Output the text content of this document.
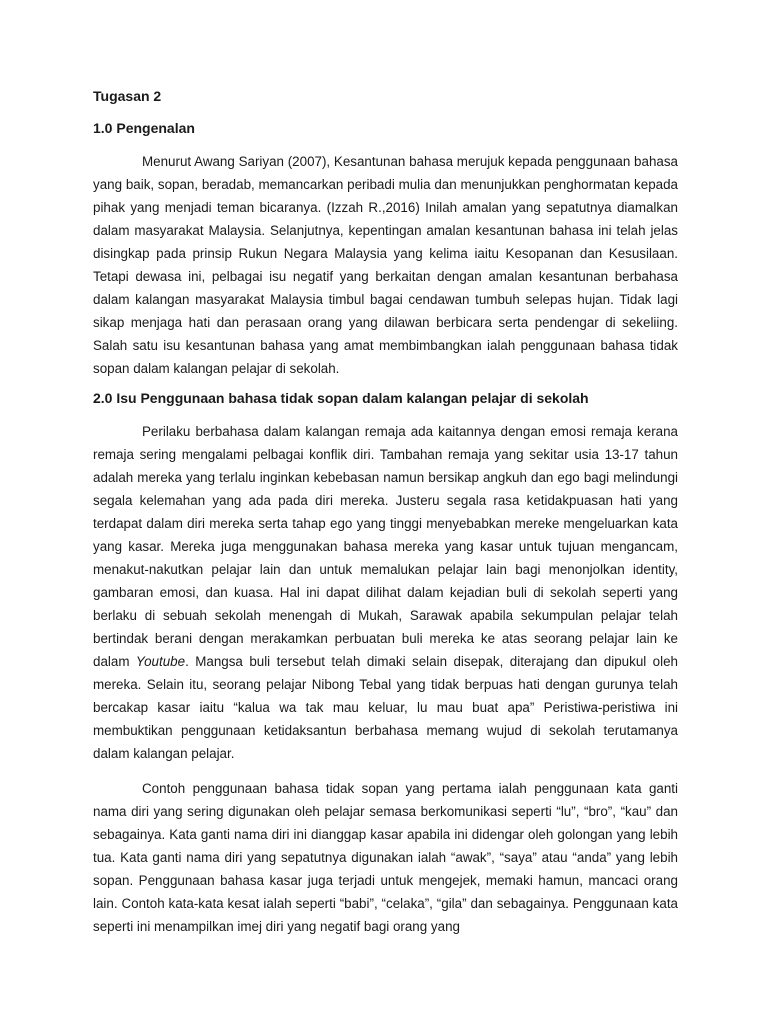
Tugasan 2
1.0 Pengenalan

Menurut Awang Sariyan (2007), Kesantunan bahasa merujuk kepada penggunaan bahasa yang baik, sopan, beradab, memancarkan peribadi mulia dan menunjukkan penghormatan kepada pihak yang menjadi teman bicaranya. (Izzah R.,2016) Inilah amalan yang sepatutnya diamalkan dalam masyarakat Malaysia. Selanjutnya, kepentingan amalan kesantunan bahasa ini telah jelas disingkap pada prinsip Rukun Negara Malaysia yang kelima iaitu Kesopanan dan Kesusilaan. Tetapi dewasa ini, pelbagai isu negatif yang berkaitan dengan amalan kesantunan berbahasa dalam kalangan masyarakat Malaysia timbul bagai cendawan tumbuh selepas hujan. Tidak lagi sikap menjaga hati dan perasaan orang yang dilawan berbicara serta pendengar di sekeliing. Salah satu isu kesantunan bahasa yang amat membimbangkan ialah penggunaan bahasa tidak sopan dalam kalangan pelajar di sekolah.

2.0 Isu Penggunaan bahasa tidak sopan dalam kalangan pelajar di sekolah

Perilaku berbahasa dalam kalangan remaja ada kaitannya dengan emosi remaja kerana remaja sering mengalami pelbagai konflik diri. Tambahan remaja yang sekitar usia 13-17 tahun adalah mereka yang terlalu inginkan kebebasan namun bersikap angkuh dan ego bagi melindungi segala kelemahan yang ada pada diri mereka. Justeru segala rasa ketidakpuasan hati yang terdapat dalam diri mereka serta tahap ego yang tinggi menyebabkan mereke mengeluarkan kata yang kasar. Mereka juga menggunakan bahasa mereka yang kasar untuk tujuan mengancam, menakut-nakutkan pelajar lain dan untuk memalukan pelajar lain bagi menonjolkan identity, gambaran emosi, dan kuasa. Hal ini dapat dilihat dalam kejadian buli di sekolah seperti yang berlaku di sebuah sekolah menengah di Mukah, Sarawak apabila sekumpulan pelajar telah bertindak berani dengan merakamkan perbuatan buli mereka ke atas seorang pelajar lain ke dalam Youtube. Mangsa buli tersebut telah dimaki selain disepak, diterajang dan dipukul oleh mereka. Selain itu, seorang pelajar Nibong Tebal yang tidak berpuas hati dengan gurunya telah bercakap kasar iaitu “kalua wa tak mau keluar, lu mau buat apa” Peristiwa-peristiwa ini membuktikan penggunaan ketidaksantun berbahasa memang wujud di sekolah terutamanya dalam kalangan pelajar.

Contoh penggunaan bahasa tidak sopan yang pertama ialah penggunaan kata ganti nama diri yang sering digunakan oleh pelajar semasa berkomunikasi seperti “lu”, “bro”, “kau” dan sebagainya. Kata ganti nama diri ini dianggap kasar apabila ini didengar oleh golongan yang lebih tua. Kata ganti nama diri yang sepatutnya digunakan ialah “awak”, “saya” atau “anda” yang lebih sopan. Penggunaan bahasa kasar juga terjadi untuk mengejek, memaki hamun, mancaci orang lain. Contoh kata-kata kesat ialah seperti “babi”, “celaka”, “gila” dan sebagainya. Penggunaan kata seperti ini menampilkan imej diri yang negatif bagi orang yang
